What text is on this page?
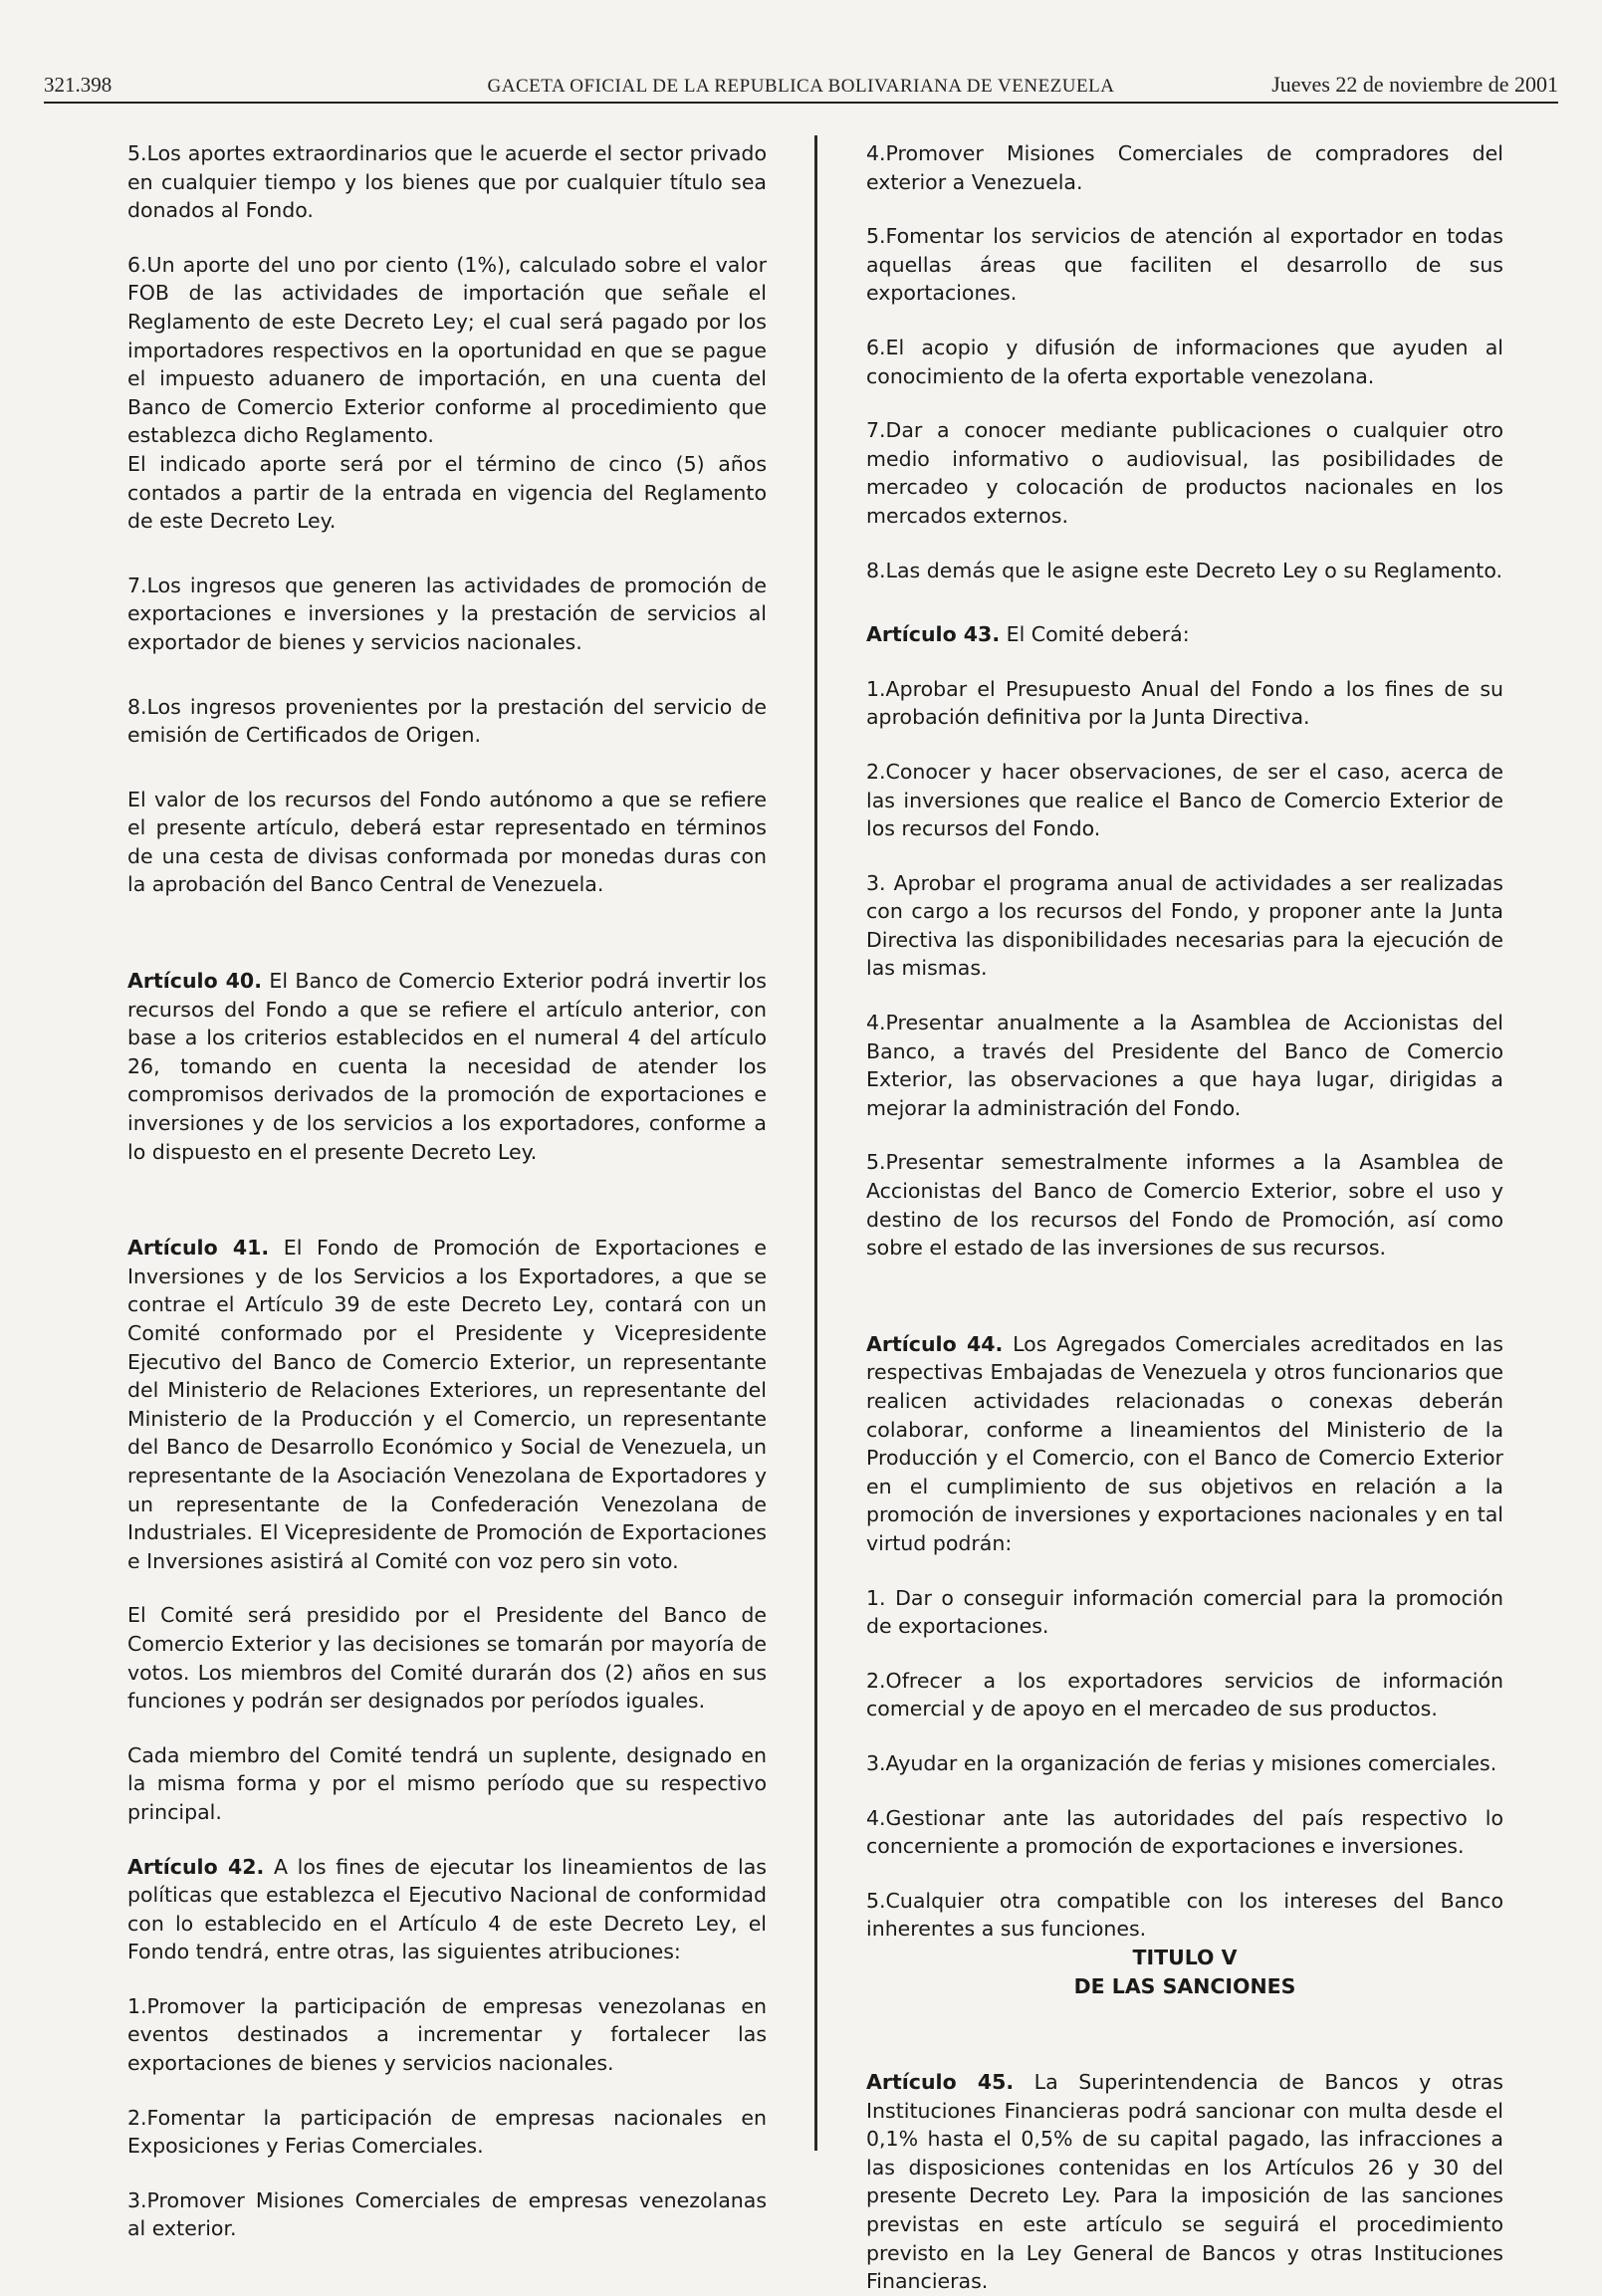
321.398	GACETA OFICIAL DE LA REPUBLICA BOLIVARIANA DE VENEZUELA	Jueves 22 de noviembre de 2001

5.Los aportes extraordinarios que le acuerde el sector privado en cualquier tiempo y los bienes que por cualquier título sea donados al Fondo.

6.Un aporte del uno por ciento (1%), calculado sobre el valor FOB de las actividades de importación que señale el Reglamento de este Decreto Ley; el cual será pagado por los importadores respectivos en la oportunidad en que se pague el impuesto aduanero de importación, en una cuenta del Banco de Comercio Exterior conforme al procedimiento que establezca dicho Reglamento.

El indicado aporte será por el término de cinco (5) años contados a partir de la entrada en vigencia del Reglamento de este Decreto Ley.

7.Los ingresos que generen las actividades de promoción de exportaciones e inversiones y la prestación de servicios al exportador de bienes y servicios nacionales.

8.Los ingresos provenientes por la prestación del servicio de emisión de Certificados de Origen.

El valor de los recursos del Fondo autónomo a que se refiere el presente artículo, deberá estar representado en términos de una cesta de divisas conformada por monedas duras con la aprobación del Banco Central de Venezuela.

Artículo 40. El Banco de Comercio Exterior podrá invertir los recursos del Fondo a que se refiere el artículo anterior, con base a los criterios establecidos en el numeral 4 del artículo 26, tomando en cuenta la necesidad de atender los compromisos derivados de la promoción de exportaciones e inversiones y de los servicios a los exportadores, conforme a lo dispuesto en el presente Decreto Ley.

Artículo 41. El Fondo de Promoción de Exportaciones e Inversiones y de los Servicios a los Exportadores, a que se contrae el Artículo 39 de este Decreto Ley, contará con un Comité conformado por el Presidente y Vicepresidente Ejecutivo del Banco de Comercio Exterior, un representante del Ministerio de Relaciones Exteriores, un representante del Ministerio de la Producción y el Comercio, un representante del Banco de Desarrollo Económico y Social de Venezuela, un representante de la Asociación Venezolana de Exportadores y un representante de la Confederación Venezolana de Industriales. El Vicepresidente de Promoción de Exportaciones e Inversiones asistirá al Comité con voz pero sin voto.

El Comité será presidido por el Presidente del Banco de Comercio Exterior y las decisiones se tomarán por mayoría de votos. Los miembros del Comité durarán dos (2) años en sus funciones y podrán ser designados por períodos iguales.

Cada miembro del Comité tendrá un suplente, designado en la misma forma y por el mismo período que su respectivo principal.

Artículo 42. A los fines de ejecutar los lineamientos de las políticas que establezca el Ejecutivo Nacional de conformidad con lo establecido en el Artículo 4 de este Decreto Ley, el Fondo tendrá, entre otras, las siguientes atribuciones:

1.Promover la participación de empresas venezolanas en eventos destinados a incrementar y fortalecer las exportaciones de bienes y servicios nacionales.

2.Fomentar la participación de empresas nacionales en Exposiciones y Ferias Comerciales.

3.Promover Misiones Comerciales de empresas venezolanas al exterior.

4.Promover Misiones Comerciales de compradores del exterior a Venezuela.

5.Fomentar los servicios de atención al exportador en todas aquellas áreas que faciliten el desarrollo de sus exportaciones.

6.El acopio y difusión de informaciones que ayuden al conocimiento de la oferta exportable venezolana.

7.Dar a conocer mediante publicaciones o cualquier otro medio informativo o audiovisual, las posibilidades de mercadeo y colocación de productos nacionales en los mercados externos.

8.Las demás que le asigne este Decreto Ley o su Reglamento.

Artículo 43. El Comité deberá:

1.Aprobar el Presupuesto Anual del Fondo a los fines de su aprobación definitiva por la Junta Directiva.

2.Conocer y hacer observaciones, de ser el caso, acerca de las inversiones que realice el Banco de Comercio Exterior de los recursos del Fondo.

3. Aprobar el programa anual de actividades a ser realizadas con cargo a los recursos del Fondo, y proponer ante la Junta Directiva las disponibilidades necesarias para la ejecución de las mismas.

4.Presentar anualmente a la Asamblea de Accionistas del Banco, a través del Presidente del Banco de Comercio Exterior, las observaciones a que haya lugar, dirigidas a mejorar la administración del Fondo.

5.Presentar semestralmente informes a la Asamblea de Accionistas del Banco de Comercio Exterior, sobre el uso y destino de los recursos del Fondo de Promoción, así como sobre el estado de las inversiones de sus recursos.

Artículo 44. Los Agregados Comerciales acreditados en las respectivas Embajadas de Venezuela y otros funcionarios que realicen actividades relacionadas o conexas deberán colaborar, conforme a lineamientos del Ministerio de la Producción y el Comercio, con el Banco de Comercio Exterior en el cumplimiento de sus objetivos en relación a la promoción de inversiones y exportaciones nacionales y en tal virtud podrán:

1. Dar o conseguir información comercial para la promoción de exportaciones.

2.Ofrecer a los exportadores servicios de información comercial y de apoyo en el mercadeo de sus productos.

3.Ayudar en la organización de ferias y misiones comerciales.

4.Gestionar ante las autoridades del país respectivo lo concerniente a promoción de exportaciones e inversiones.

5.Cualquier otra compatible con los intereses del Banco inherentes a sus funciones.

TITULO V

DE LAS SANCIONES

Artículo 45. La Superintendencia de Bancos y otras Instituciones Financieras podrá sancionar con multa desde el 0,1% hasta el 0,5% de su capital pagado, las infracciones a las disposiciones contenidas en los Artículos 26 y 30 del presente Decreto Ley. Para la imposición de las sanciones previstas en este artículo se seguirá el procedimiento previsto en la Ley General de Bancos y otras Instituciones Financieras.
